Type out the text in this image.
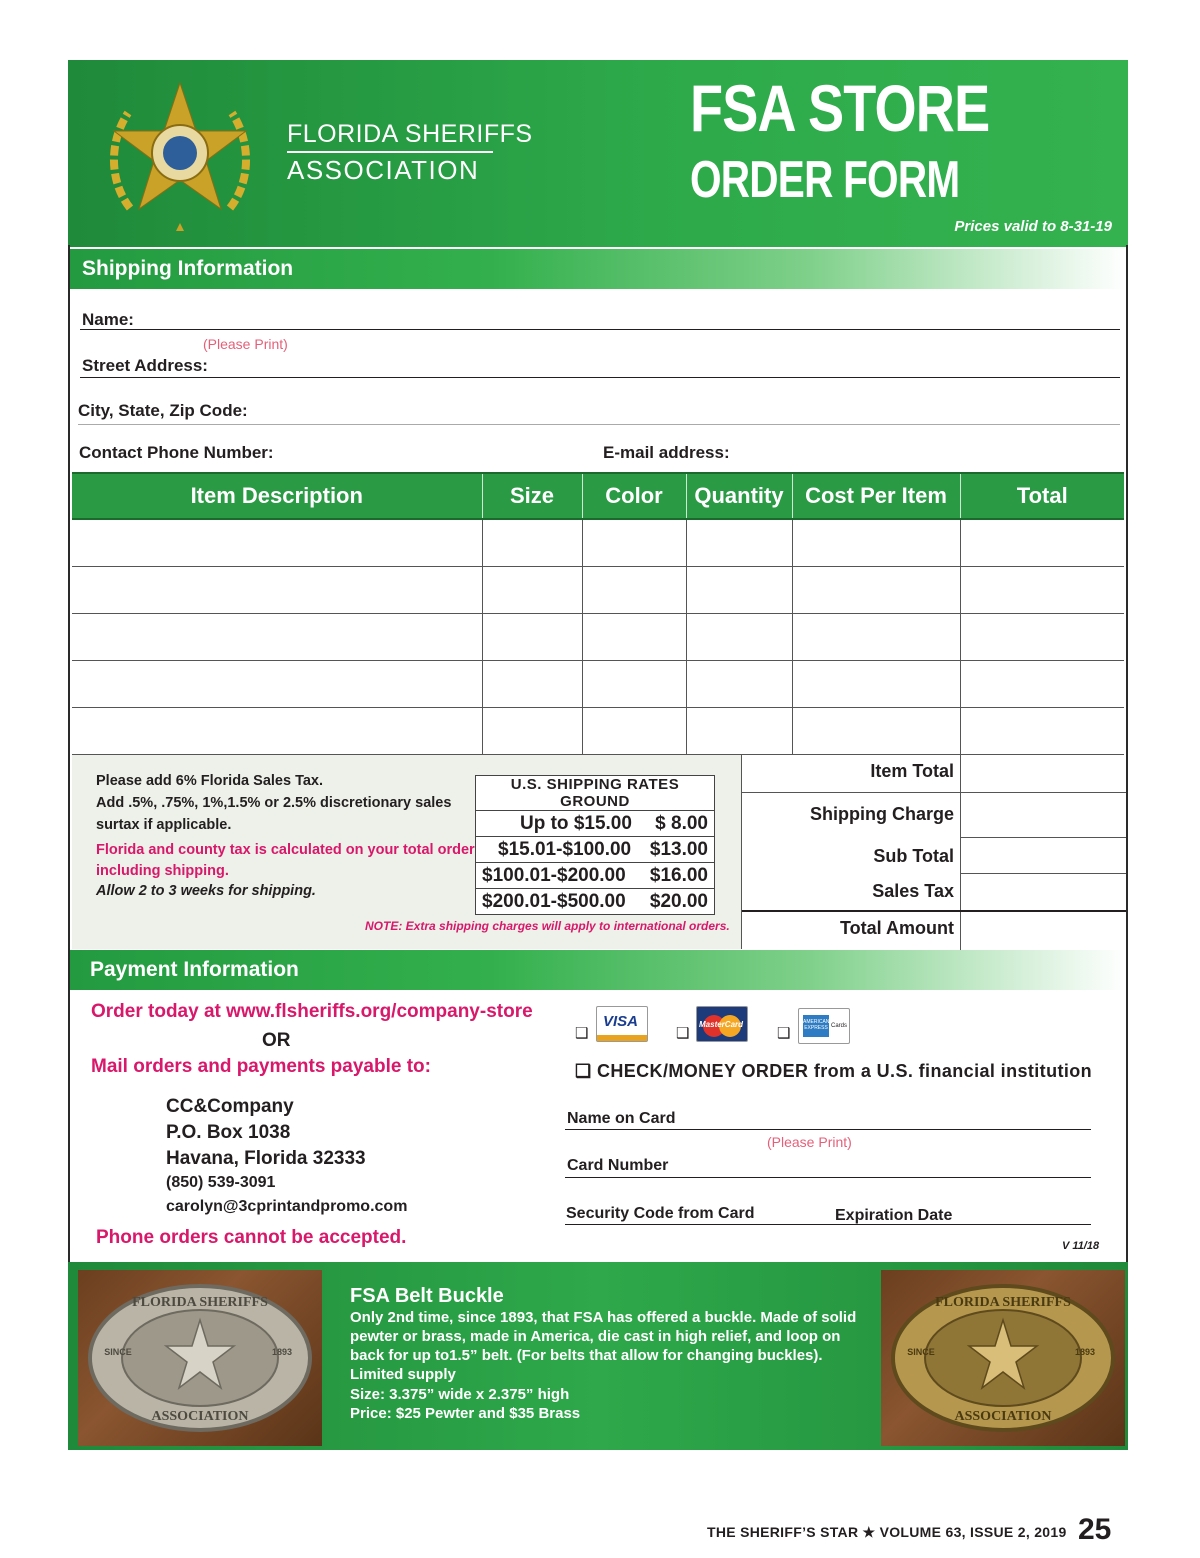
FLORIDA SHERIFFS
ASSOCIATION
FSA STORE
ORDER FORM
Prices valid to 8-31-19
Shipping Information
Name:
(Please Print)
Street Address:
City, State, Zip Code:
Contact Phone Number:	E-mail address:
Item Description	Size	Color	Quantity	Cost Per Item	Total

Please add 6% Florida Sales Tax.
Add .5%, .75%, 1%,1.5% or 2.5% discretionary sales
surtax if applicable.
Florida and county tax is calculated on your total order
including shipping.
Allow 2 to 3 weeks for shipping.
NOTE: Extra shipping charges will apply to international orders.
U.S. SHIPPING RATES GROUND

Up to $15.00 $ 8.00

$15.01-$100.00 $13.00

$100.01-$200.00 $16.00

$200.01-$500.00 $20.00
Item Total
Shipping Charge
Sub Total
Sales Tax
Total Amount
Payment Information
Order today at www.flsheriffs.org/company-store
OR
Mail orders and payments payable to:
CC&Company
P.O. Box 1038
Havana, Florida 32333
(850) 539-3091
carolyn@3cprintandpromo.com
Phone orders cannot be accepted.
❑
VISA
❑
MasterCard
❑
AMERICAN EXPRESS Cards
❑ CHECK/MONEY ORDER from a U.S. financial institution
Name on Card
(Please Print)
Card Number
Security Code from Card	Expiration Date
V 11/18
FLORIDA SHERIFFS
ASSOCIATION
SINCE	1893
FSA Belt Buckle
Only 2nd time, since 1893, that FSA has offered a buckle. Made of solid
pewter or brass, made in America, die cast in high relief, and loop on
back for up to1.5” belt. (For belts that allow for changing buckles).
Limited supply
Size: 3.375” wide x 2.375” high
Price: $25 Pewter and $35 Brass
FLORIDA SHERIFFS
ASSOCIATION
SINCE	1893
THE SHERIFF’S STAR ★ VOLUME 63, ISSUE 2, 2019 25
